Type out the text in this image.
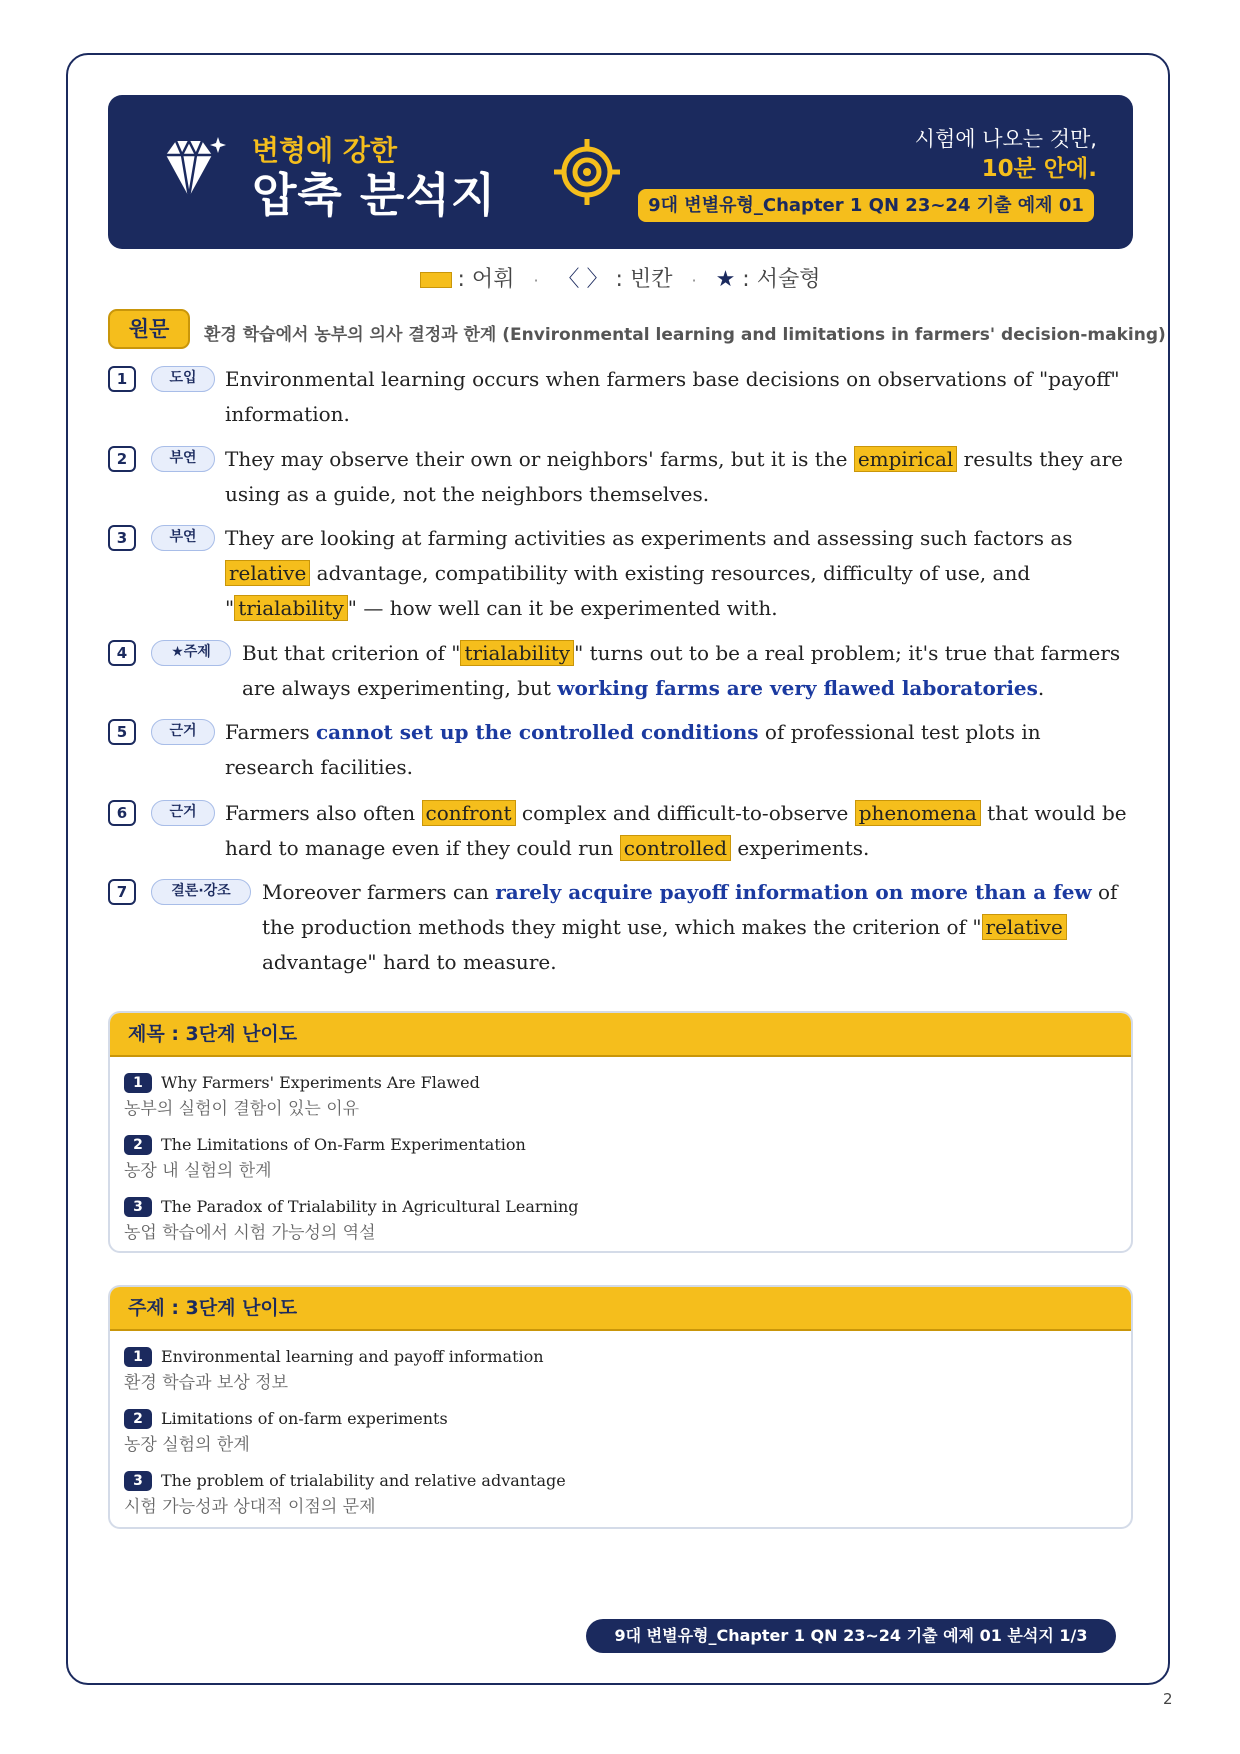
변형에 강한
압축 분석지
시험에 나오는 것만,
10분 안에.
9대 변별유형_Chapter 1 QN 23~24 기출 예제 01
: 어휘 · 〈 〉 : 빈칸 · ★ : 서술형
원문	환경 학습에서 농부의 의사 결정과 한계 (Environmental learning and limitations in farmers' decision-making)
1	도입	Environmental learning occurs when farmers base decisions on observations of "payoff" information.
2	부연	They may observe their own or neighbors' farms, but it is the empirical results they are using as a guide, not the neighbors themselves.
3	부연	They are looking at farming activities as experiments and assessing such factors as relative advantage, compatibility with existing resources, difficulty of use, and " trialability " — how well can it be experimented with.
4	★주제	But that criterion of " trialability " turns out to be a real problem; it's true that farmers are always experimenting, but working farms are very flawed laboratories.
5	근거	Farmers cannot set up the controlled conditions of professional test plots in research facilities.
6	근거	Farmers also often confront complex and difficult-to-observe phenomena that would be hard to manage even if they could run controlled experiments.
7	결론·강조	Moreover farmers can rarely acquire payoff information on more than a few of the production methods they might use, which makes the criterion of " relative advantage" hard to measure.
제목 : 3단계 난이도
1	Why Farmers' Experiments Are Flawed
농부의 실험이 결함이 있는 이유
2	The Limitations of On-Farm Experimentation
농장 내 실험의 한계
3	The Paradox of Trialability in Agricultural Learning
농업 학습에서 시험 가능성의 역설
주제 : 3단계 난이도
1	Environmental learning and payoff information
환경 학습과 보상 정보
2	Limitations of on-farm experiments
농장 실험의 한계
3	The problem of trialability and relative advantage
시험 가능성과 상대적 이점의 문제
9대 변별유형_Chapter 1 QN 23~24 기출 예제 01 분석지 1/3
2
